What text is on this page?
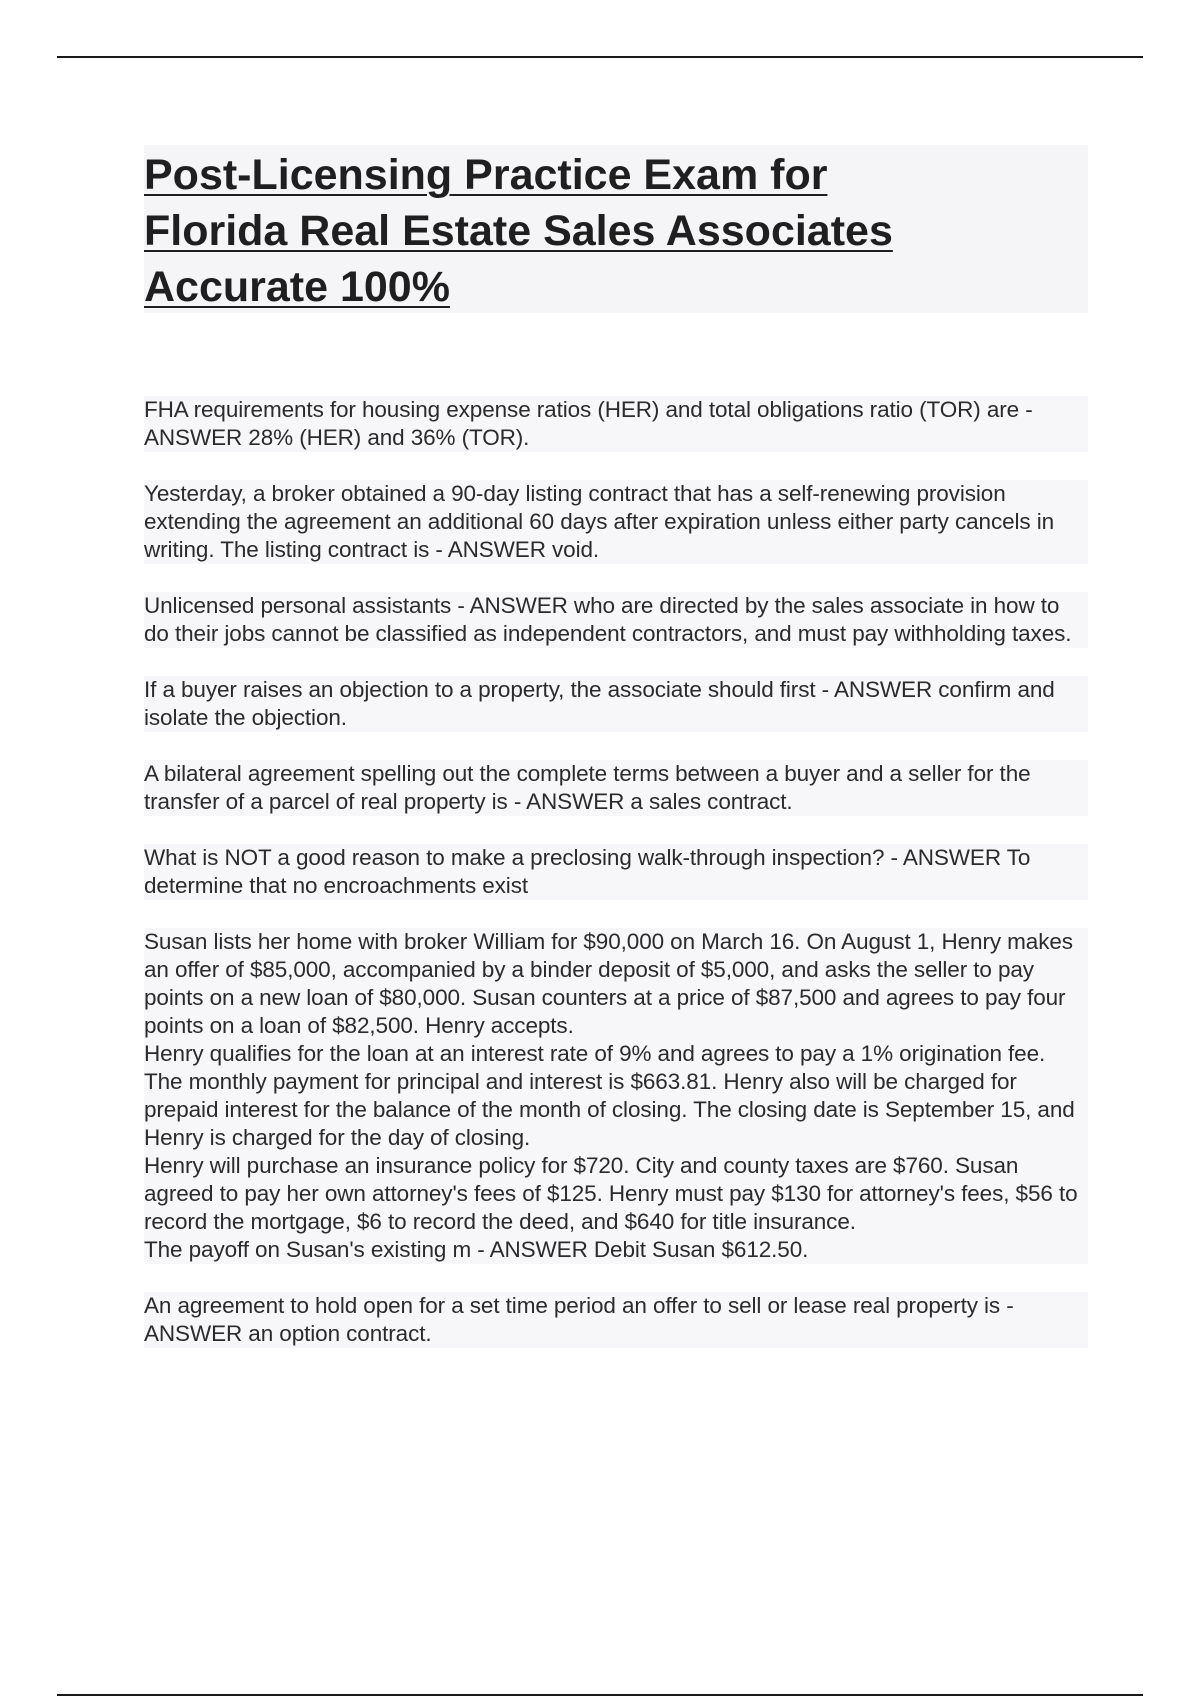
Post-Licensing Practice Exam for
Florida Real Estate Sales Associates
Accurate 100%

FHA requirements for housing expense ratios (HER) and total obligations ratio (TOR) are - ANSWER 28% (HER) and 36% (TOR).

Yesterday, a broker obtained a 90-day listing contract that has a self-renewing provision extending the agreement an additional 60 days after expiration unless either party cancels in writing. The listing contract is - ANSWER void.

Unlicensed personal assistants - ANSWER who are directed by the sales associate in how to do their jobs cannot be classified as independent contractors, and must pay withholding taxes.

If a buyer raises an objection to a property, the associate should first - ANSWER confirm and isolate the objection.

A bilateral agreement spelling out the complete terms between a buyer and a seller for the transfer of a parcel of real property is - ANSWER a sales contract.

What is NOT a good reason to make a preclosing walk-through inspection? - ANSWER To determine that no encroachments exist

Susan lists her home with broker William for $90,000 on March 16. On August 1, Henry makes an offer of $85,000, accompanied by a binder deposit of $5,000, and asks the seller to pay points on a new loan of $80,000. Susan counters at a price of $87,500 and agrees to pay four points on a loan of $82,500. Henry accepts.
Henry qualifies for the loan at an interest rate of 9% and agrees to pay a 1% origination fee. The monthly payment for principal and interest is $663.81. Henry also will be charged for prepaid interest for the balance of the month of closing. The closing date is September 15, and Henry is charged for the day of closing.
Henry will purchase an insurance policy for $720. City and county taxes are $760. Susan agreed to pay her own attorney's fees of $125. Henry must pay $130 for attorney's fees, $56 to record the mortgage, $6 to record the deed, and $640 for title insurance.
The payoff on Susan's existing m - ANSWER Debit Susan $612.50.

An agreement to hold open for a set time period an offer to sell or lease real property is - ANSWER an option contract.
